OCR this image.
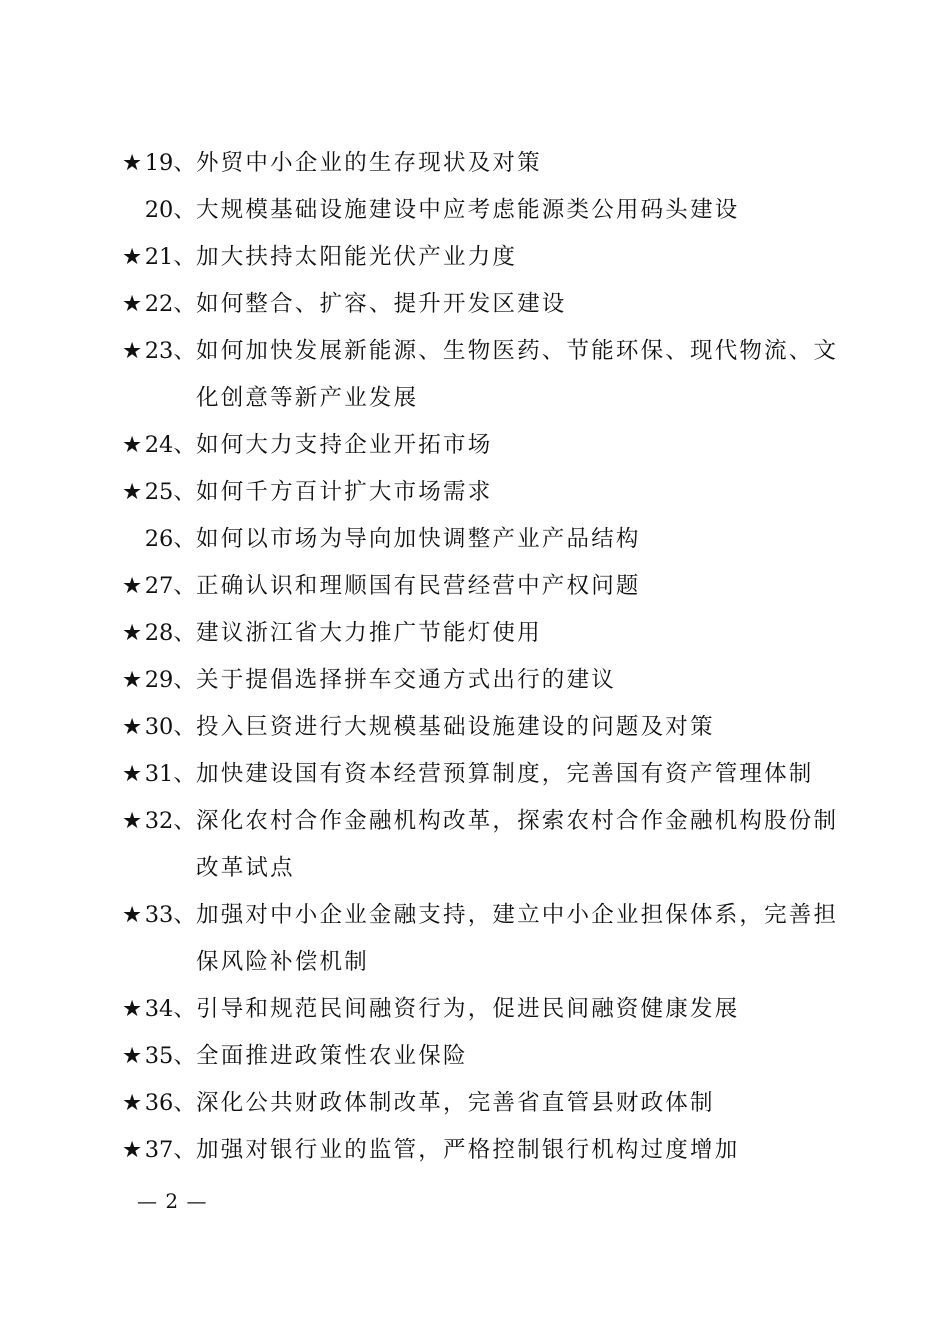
★ 19 、 外贸中小企业的生存现状及对策
20 、 大规模基础设施建设中应考虑能源类公用码头建设
★ 21 、 加大扶持太阳能光伏产业力度
★ 22 、 如何整合、扩容、提升开发区建设
★ 23 、 如何加快发展新能源、生物医药、节能环保、现代物流、文化创意等新产业发展
★ 24 、 如何大力支持企业开拓市场
★ 25 、 如何千方百计扩大市场需求
26 、 如何以市场为导向加快调整产业产品结构
★ 27 、 正确认识和理顺国有民营经营中产权问题
★ 28 、 建议浙江省大力推广节能灯使用
★ 29 、 关于提倡选择拼车交通方式出行的建议
★ 30 、 投入巨资进行大规模基础设施建设的问题及对策
★ 31 、 加快建设国有资本经营预算制度，完善国有资产管理体制
★ 32 、 深化农村合作金融机构改革，探索农村合作金融机构股份制改革试点
★ 33 、 加强对中小企业金融支持，建立中小企业担保体系，完善担保风险补偿机制
★ 34 、 引导和规范民间融资行为，促进民间融资健康发展
★ 35 、 全面推进政策性农业保险
★ 36 、 深化公共财政体制改革，完善省直管县财政体制
★ 37 、 加强对银行业的监管，严格控制银行机构过度增加
— 2 —
